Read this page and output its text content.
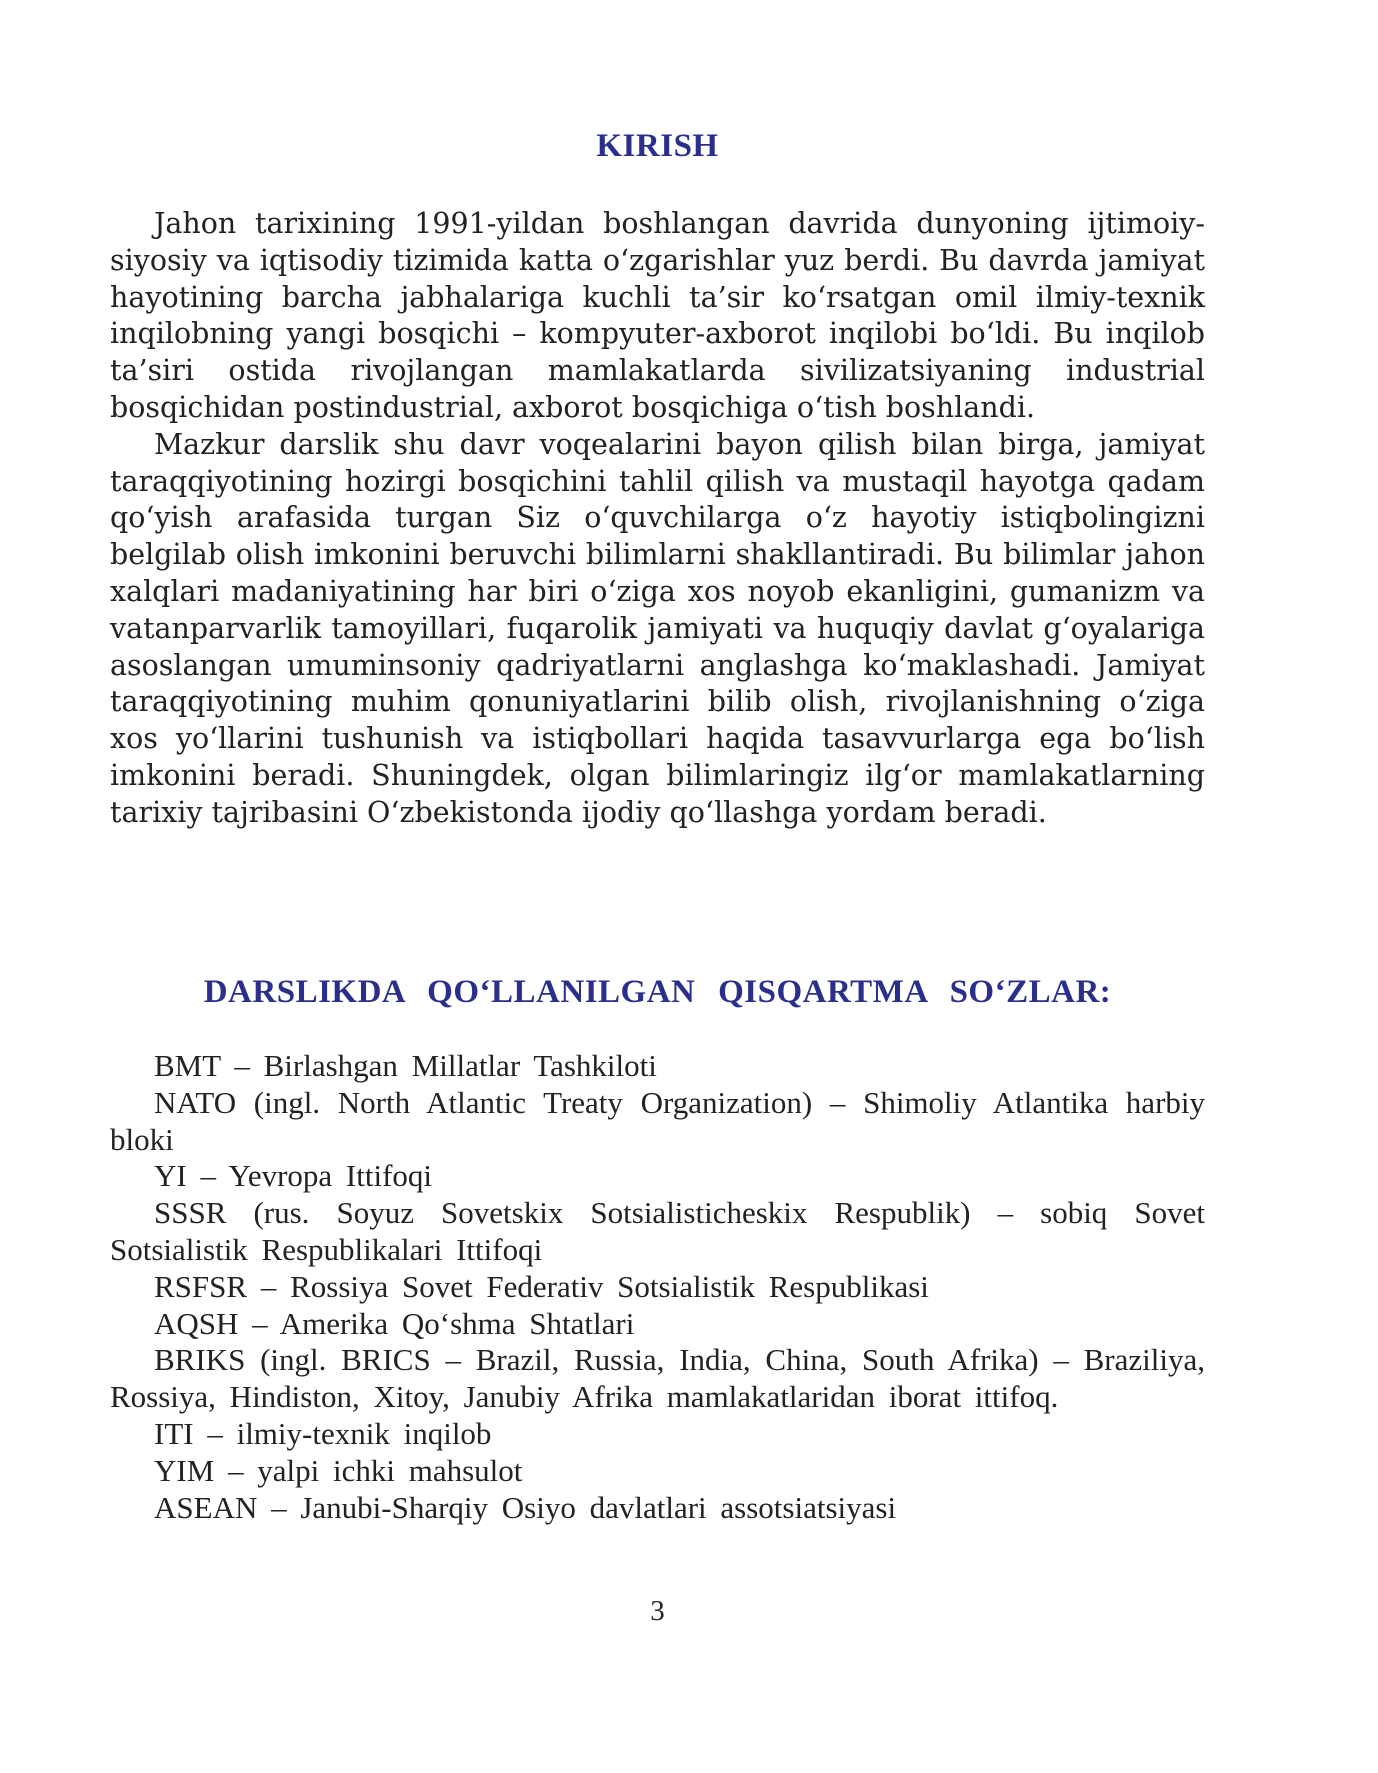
KIRISH

Jahon tarixining 1991-yildan boshlangan davrida dunyoning ijtimoiy-siyosiy va iqtisodiy tizimida katta o‘zgarishlar yuz berdi. Bu davrda jamiyat hayotining barcha jabhalariga kuchli ta’sir ko‘rsatgan omil ilmiy-texnik inqilobning yangi bosqichi – kompyuter-axborot inqilobi bo‘ldi. Bu inqilob ta’siri ostida rivojlangan mamlakatlarda sivilizatsiyaning industrial bosqichidan postindustrial, axborot bosqichiga o‘tish boshlandi.

Mazkur darslik shu davr voqealarini bayon qilish bilan birga, jamiyat taraqqiyotining hozirgi bosqichini tahlil qilish va mustaqil hayotga qadam qo‘yish arafasida turgan Siz o‘quvchilarga o‘z hayotiy istiqbolingizni belgilab olish imkonini beruvchi bilimlarni shakllantiradi. Bu bilimlar jahon xalqlari madaniyatining har biri o‘ziga xos noyob ekanligini, gumanizm va vatanparvarlik tamoyillari, fuqarolik jamiyati va huquqiy davlat g‘oyalariga asoslangan umuminsoniy qadriyatlarni anglashga ko‘maklashadi. Jamiyat taraqqiyotining muhim qonuniyatlarini bilib olish, rivojlanishning o‘ziga xos yo‘llarini tushunish va istiqbollari haqida tasavvurlarga ega bo‘lish imkonini beradi. Shuningdek, olgan bilimlaringiz ilg‘or mamlakatlarning tarixiy tajribasini O‘zbekistonda ijodiy qo‘llashga yordam beradi.

DARSLIKDA QO‘LLANILGAN QISQARTMA SO‘ZLAR:

BMT – Birlashgan Millatlar Tashkiloti

NATO (ingl. North Atlantic Treaty Organization) – Shimoliy Atlantika harbiy bloki

YI – Yevropa Ittifoqi

SSSR (rus. Soyuz Sovetskix Sotsialisticheskix Respublik) – sobiq Sovet Sotsialistik Respublikalari Ittifoqi

RSFSR – Rossiya Sovet Federativ Sotsialistik Respublikasi

AQSH – Amerika Qo‘shma Shtatlari

BRIKS (ingl. BRICS – Brazil, Russia, India, China, South Afrika) – Braziliya, Rossiya, Hindiston, Xitoy, Janubiy Afrika mamlakatlaridan iborat ittifoq.

ITI – ilmiy-texnik inqilob

YIM – yalpi ichki mahsulot

ASEAN – Janubi-Sharqiy Osiyo davlatlari assotsiatsiyasi

3
